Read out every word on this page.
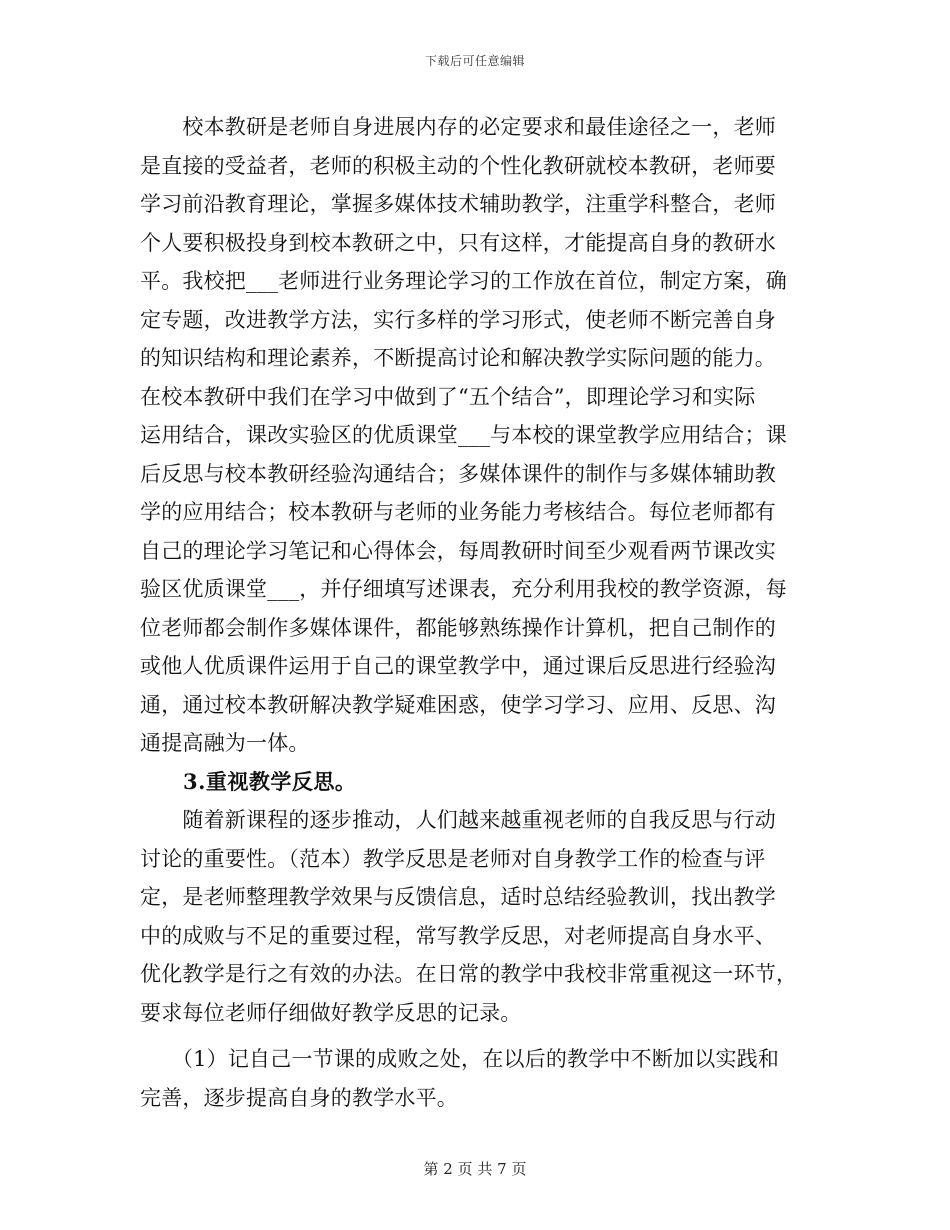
下载后可任意编辑
　　校本教研是老师自身进展内存的必定要求和最佳途径之一，老师
是直接的受益者，老师的积极主动的个性化教研就校本教研，老师要
学习前沿教育理论，掌握多媒体技术辅助教学，注重学科整合，老师
个人要积极投身到校本教研之中，只有这样，才能提高自身的教研水
平。我校把___老师进行业务理论学习的工作放在首位，制定方案，确
定专题，改进教学方法，实行多样的学习形式，使老师不断完善自身
的知识结构和理论素养，不断提高讨论和解决教学实际问题的能力。
在校本教研中我们在学习中做到了“五个结合”，即理论学习和实际
运用结合，课改实验区的优质课堂___与本校的课堂教学应用结合；课
后反思与校本教研经验沟通结合；多媒体课件的制作与多媒体辅助教
学的应用结合；校本教研与老师的业务能力考核结合。每位老师都有
自己的理论学习笔记和心得体会，每周教研时间至少观看两节课改实
验区优质课堂___，并仔细填写述课表，充分利用我校的教学资源，每
位老师都会制作多媒体课件，都能够熟练操作计算机，把自己制作的
或他人优质课件运用于自己的课堂教学中，通过课后反思进行经验沟
通，通过校本教研解决教学疑难困惑，使学习学习、应用、反思、沟
通提高融为一体。
　　3.重视教学反思。
　　随着新课程的逐步推动，人们越来越重视老师的自我反思与行动
讨论的重要性。（范本）教学反思是老师对自身教学工作的检查与评
定，是老师整理教学效果与反馈信息，适时总结经验教训，找出教学
中的成败与不足的重要过程，常写教学反思，对老师提高自身水平、
优化教学是行之有效的办法。在日常的教学中我校非常重视这一环节，
要求每位老师仔细做好教学反思的记录。
　　（1）记自己一节课的成败之处，在以后的教学中不断加以实践和
完善，逐步提高自身的教学水平。
第 2 页 共 7 页
